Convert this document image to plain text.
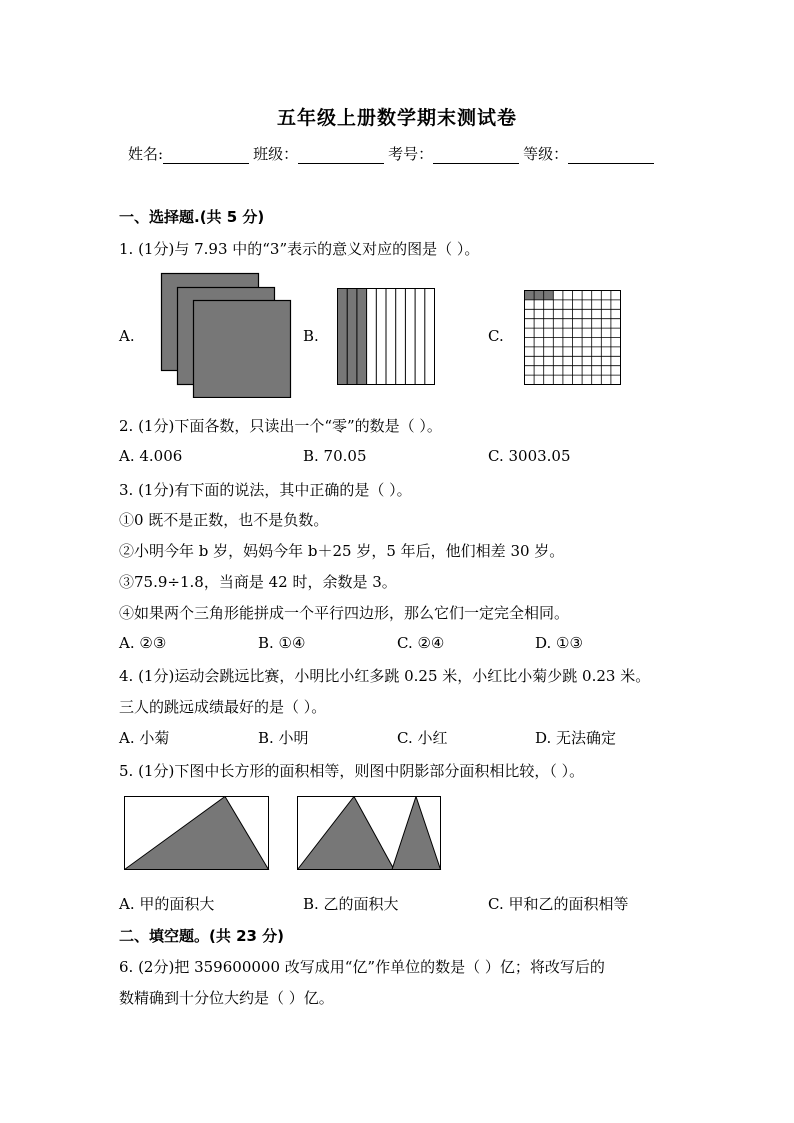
五年级上册数学期末测试卷
姓名:	班级：	考号：	等级：
一、选择题.(共 5 分)
1. (1分)与 7.93 中的“3”表示的意义对应的图是（ ）。
A.	B.	C.
2. (1分)下面各数，只读出一个“零”的数是（ ）。
A. 4.006	B. 70.05	C. 3003.05
3. (1分)有下面的说法，其中正确的是（ ）。
①0 既不是正数，也不是负数。
②小明今年 b 岁，妈妈今年 b＋25 岁，5 年后，他们相差 30 岁。
③75.9÷1.8，当商是 42 时，余数是 3。
④如果两个三角形能拼成一个平行四边形，那么它们一定完全相同。
A. ②③	B. ①④	C. ②④	D. ①③
4. (1分)运动会跳远比赛，小明比小红多跳 0.25 米，小红比小菊少跳 0.23 米。
三人的跳远成绩最好的是（ ）。
A. 小菊	B. 小明	C. 小红	D. 无法确定
5. (1分)下图中长方形的面积相等，则图中阴影部分面积相比较，（ ）。
A. 甲的面积大	B. 乙的面积大	C. 甲和乙的面积相等
二、填空题。(共 23 分)
6. (2分)把 359600000 改写成用“亿”作单位的数是（ ）亿；将改写后的
数精确到十分位大约是（ ）亿。
